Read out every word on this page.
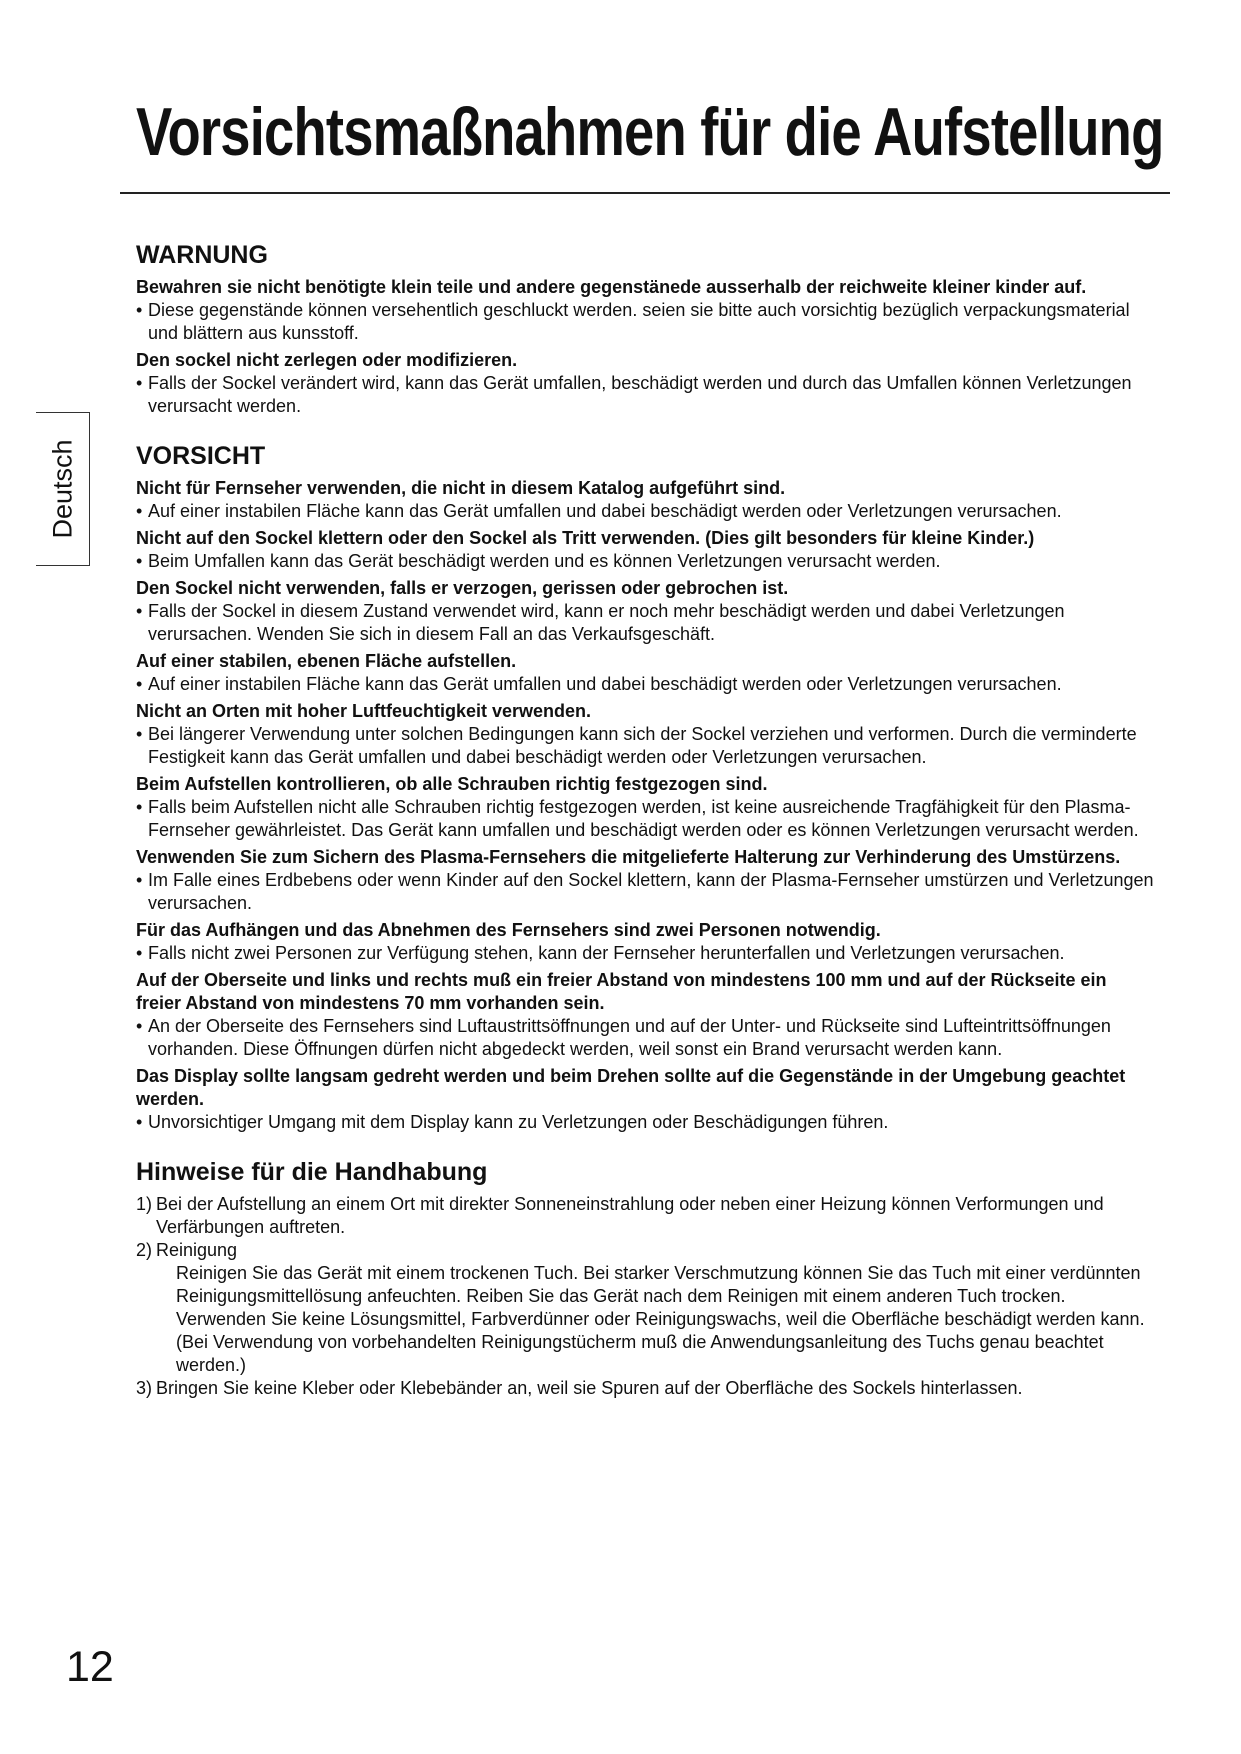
Vorsichtsmaßnahmen für die Aufstellung
Deutsch
WARNUNG
Bewahren sie nicht benötigte klein teile und andere gegenstänede ausserhalb der reichweite kleiner kinder auf.
• Diese gegenstände können versehentlich geschluckt werden. seien sie bitte auch vorsichtig bezüglich verpackungsmaterial und blättern aus kunsstoff.
Den sockel nicht zerlegen oder modifizieren.
• Falls der Sockel verändert wird, kann das Gerät umfallen, beschädigt werden und durch das Umfallen können Verletzungen verursacht werden.
VORSICHT
Nicht für Fernseher verwenden, die nicht in diesem Katalog aufgeführt sind.
• Auf einer instabilen Fläche kann das Gerät umfallen und dabei beschädigt werden oder Verletzungen verursachen.
Nicht auf den Sockel klettern oder den Sockel als Tritt verwenden. (Dies gilt besonders für kleine Kinder.)
• Beim Umfallen kann das Gerät beschädigt werden und es können Verletzungen verursacht werden.
Den Sockel nicht verwenden, falls er verzogen, gerissen oder gebrochen ist.
• Falls der Sockel in diesem Zustand verwendet wird, kann er noch mehr beschädigt werden und dabei Verletzungen verursachen. Wenden Sie sich in diesem Fall an das Verkaufsgeschäft.
Auf einer stabilen, ebenen Fläche aufstellen.
• Auf einer instabilen Fläche kann das Gerät umfallen und dabei beschädigt werden oder Verletzungen verursachen.
Nicht an Orten mit hoher Luftfeuchtigkeit verwenden.
• Bei längerer Verwendung unter solchen Bedingungen kann sich der Sockel verziehen und verformen. Durch die verminderte Festigkeit kann das Gerät umfallen und dabei beschädigt werden oder Verletzungen verursachen.
Beim Aufstellen kontrollieren, ob alle Schrauben richtig festgezogen sind.
• Falls beim Aufstellen nicht alle Schrauben richtig festgezogen werden, ist keine ausreichende Tragfähigkeit für den Plasma-Fernseher gewährleistet. Das Gerät kann umfallen und beschädigt werden oder es können Verletzungen verursacht werden.
Venwenden Sie zum Sichern des Plasma-Fernsehers die mitgelieferte Halterung zur Verhinderung des Umstürzens.
• Im Falle eines Erdbebens oder wenn Kinder auf den Sockel klettern, kann der Plasma-Fernseher umstürzen und Verletzungen verursachen.
Für das Aufhängen und das Abnehmen des Fernsehers sind zwei Personen notwendig.
• Falls nicht zwei Personen zur Verfügung stehen, kann der Fernseher herunterfallen und Verletzungen verursachen.
Auf der Oberseite und links und rechts muß ein freier Abstand von mindestens 100 mm und auf der Rückseite ein freier Abstand von mindestens 70 mm vorhanden sein.
• An der Oberseite des Fernsehers sind Luftaustrittsöffnungen und auf der Unter- und Rückseite sind Lufteintrittsöffnungen vorhanden. Diese Öffnungen dürfen nicht abgedeckt werden, weil sonst ein Brand verursacht werden kann.
Das Display sollte langsam gedreht werden und beim Drehen sollte auf die Gegenstände in der Umgebung geachtet werden.
• Unvorsichtiger Umgang mit dem Display kann zu Verletzungen oder Beschädigungen führen.
Hinweise für die Handhabung
1) Bei der Aufstellung an einem Ort mit direkter Sonneneinstrahlung oder neben einer Heizung können Verformungen und Verfärbungen auftreten.
2) Reinigung
Reinigen Sie das Gerät mit einem trockenen Tuch. Bei starker Verschmutzung können Sie das Tuch mit einer verdünnten Reinigungsmittellösung anfeuchten. Reiben Sie das Gerät nach dem Reinigen mit einem anderen Tuch trocken.
Verwenden Sie keine Lösungsmittel, Farbverdünner oder Reinigungswachs, weil die Oberfläche beschädigt werden kann.
(Bei Verwendung von vorbehandelten Reinigungstücherm muß die Anwendungsanleitung des Tuchs genau beachtet werden.)
3) Bringen Sie keine Kleber oder Klebebänder an, weil sie Spuren auf der Oberfläche des Sockels hinterlassen.
12
